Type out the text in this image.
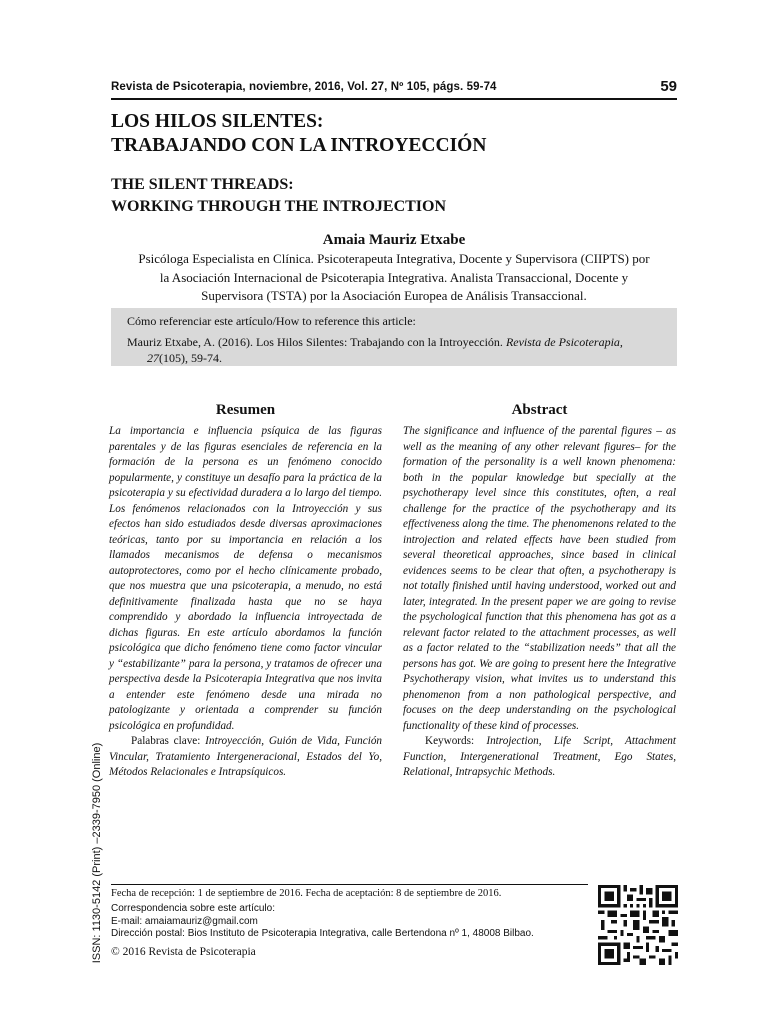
Revista de Psicoterapia, noviembre, 2016, Vol. 27, Nº 105, págs. 59-74	59
LOS HILOS SILENTES:
TRABAJANDO CON LA INTROYECCIÓN
THE SILENT THREADS:
WORKING THROUGH THE INTROJECTION
Amaia Mauriz Etxabe
Psicóloga Especialista en Clínica. Psicoterapeuta Integrativa, Docente y Supervisora (CIIPTS) por
la Asociación Internacional de Psicoterapia Integrativa. Analista Transaccional, Docente y
Supervisora (TSTA) por la Asociación Europea de Análisis Transaccional.
Cómo referenciar este artículo/How to reference this article:
Mauriz Etxabe, A. (2016). Los Hilos Silentes: Trabajando con la Introyección. Revista de Psicoterapia,
27(105), 59-74.
Resumen
La importancia e influencia psíquica de las figuras parentales y de las figuras esenciales de referencia en la formación de la persona es un fenómeno conocido popularmente, y constituye un desafío para la práctica de la psicoterapia y su efectividad duradera a lo largo del tiempo. Los fenómenos relacionados con la Introyección y sus efectos han sido estudiados desde diversas aproximaciones teóricas, tanto por su importancia en relación a los llamados mecanismos de defensa o mecanismos autoprotectores, como por el hecho clínicamente probado, que nos muestra que una psicoterapia, a menudo, no está definitivamente finalizada hasta que no se haya comprendido y abordado la influencia introyectada de dichas figuras. En este artículo abordamos la función psicológica que dicho fenómeno tiene como factor vincular y “estabilizante” para la persona, y tratamos de ofrecer una perspectiva desde la Psicoterapia Integrativa que nos invita a entender este fenómeno desde una mirada no patologizante y orientada a comprender su función psicológica en profundidad.
Palabras clave: Introyección, Guión de Vida, Función Vincular, Tratamiento Intergeneracional, Estados del Yo, Métodos Relacionales e Intrapsíquicos.
Abstract
The significance and influence of the parental figures – as well as the meaning of any other relevant figures– for the formation of the personality is a well known phenomena: both in the popular knowledge but specially at the psychotherapy level since this constitutes, often, a real challenge for the practice of the psychotherapy and its effectiveness along the time. The phenomenons related to the introjection and related effects have been studied from several theoretical approaches, since based in clinical evidences seems to be clear that often, a psychotherapy is not totally finished until having understood, worked out and later, integrated. In the present paper we are going to revise the psychological function that this phenomena has got as a relevant factor related to the attachment processes, as well as a factor related to the “stabilization needs” that all the persons has got. We are going to present here the Integrative Psychotherapy vision, what invites us to understand this phenomenon from a non pathological perspective, and focuses on the deep understanding on the psychological functionality of these kind of processes.
Keywords: Introjection, Life Script, Attachment Function, Intergenerational Treatment, Ego States, Relational, Intrapsychic Methods.
ISSN: 1130-5142 (Print) –2339-7950 (Online) Fecha de recepción: 1 de septiembre de 2016. Fecha de aceptación: 8 de septiembre de 2016.
Correspondencia sobre este artículo:
E-mail: amaiamauriz@gmail.com
Dirección postal: Bios Instituto de Psicoterapia Integrativa, calle Bertendona nº 1, 48008 Bilbao.
© 2016 Revista de Psicoterapia
